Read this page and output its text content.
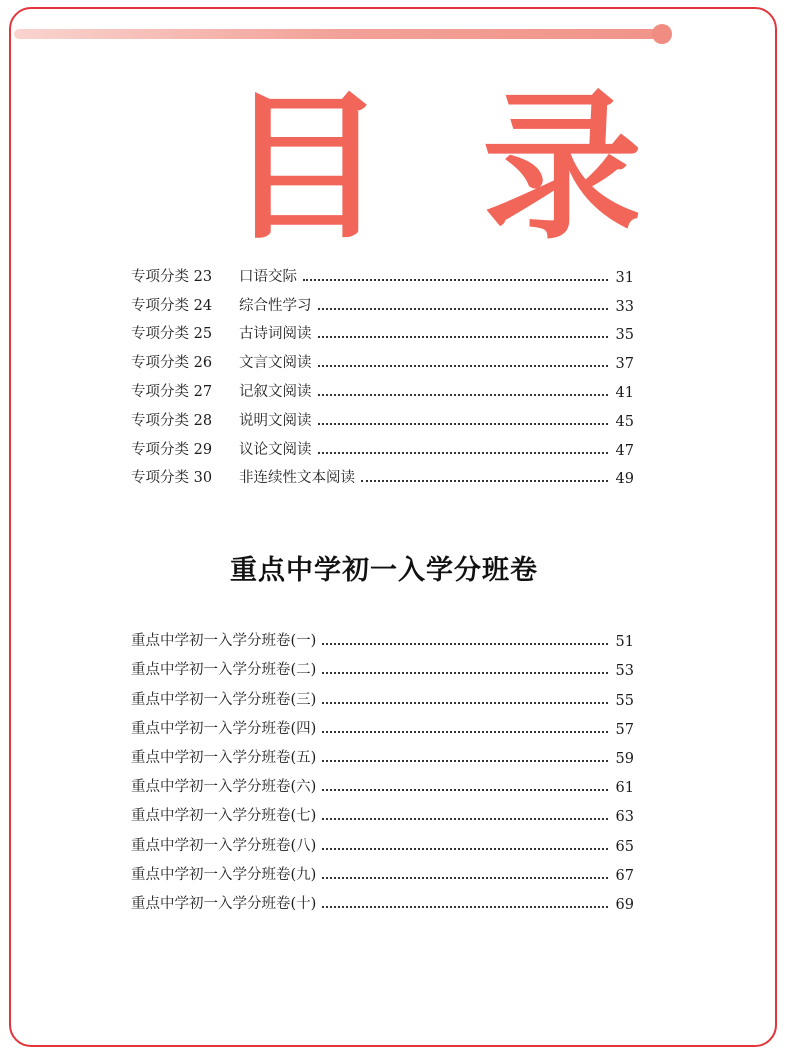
目 录
专项分类 23	口语交际	31
专项分类 24	综合性学习	33
专项分类 25	古诗词阅读	35
专项分类 26	文言文阅读	37
专项分类 27	记叙文阅读	41
专项分类 28	说明文阅读	45
专项分类 29	议论文阅读	47
专项分类 30	非连续性文本阅读	49
重点中学初一入学分班卷
重点中学初一入学分班卷(一)	51
重点中学初一入学分班卷(二)	53
重点中学初一入学分班卷(三)	55
重点中学初一入学分班卷(四)	57
重点中学初一入学分班卷(五)	59
重点中学初一入学分班卷(六)	61
重点中学初一入学分班卷(七)	63
重点中学初一入学分班卷(八)	65
重点中学初一入学分班卷(九)	67
重点中学初一入学分班卷(十)	69
